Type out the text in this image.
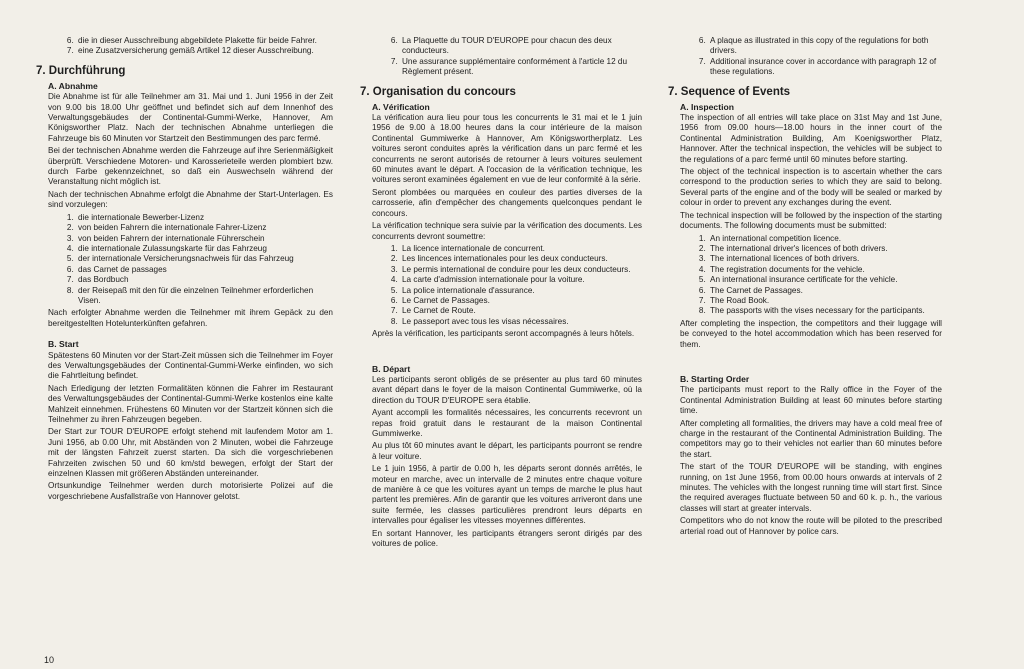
6. die in dieser Ausschreibung abgebildete Plakette für beide Fahrer.
7. eine Zusatzversicherung gemäß Artikel 12 dieser Ausschreibung.
7. Durchführung
A. Abnahme

Die Abnahme ist für alle Teilnehmer am 31. Mai und 1. Juni 1956 in der Zeit von 9.00 bis 18.00 Uhr geöffnet und befindet sich auf dem Innenhof des Verwaltungsgebäudes der Continental-Gummi-Werke, Hannover, Am Königsworther Platz. Nach der technischen Abnahme unterliegen die Fahrzeuge bis 60 Minuten vor Startzeit den Bestimmungen des parc fermé.

Bei der technischen Abnahme werden die Fahrzeuge auf ihre Serienmäßigkeit überprüft. Verschiedene Motoren- und Karosserieteile werden plombiert bzw. durch Farbe gekennzeichnet, so daß ein Auswechseln während der Veranstaltung nicht möglich ist.

Nach der technischen Abnahme erfolgt die Abnahme der Start-Unterlagen. Es sind vorzulegen:

1. die internationale Bewerber-Lizenz
2. von beiden Fahrern die internationale Fahrer-Lizenz
3. von beiden Fahrern der internationale Führerschein
4. die internationale Zulassungskarte für das Fahrzeug
5. der internationale Versicherungsnachweis für das Fahrzeug
6. das Carnet de passages
7. das Bordbuch
8. der Reisepaß mit den für die einzelnen Teilnehmer erforderlichen Visen.

Nach erfolgter Abnahme werden die Teilnehmer mit ihrem Gepäck zu den bereitgestellten Hotelunterkünften gefahren.

B. Start

Spätestens 60 Minuten vor der Start-Zeit müssen sich die Teilnehmer im Foyer des Verwaltungsgebäudes der Continental-Gummi-Werke einfinden, wo sich die Fahrtleitung befindet.

Nach Erledigung der letzten Formalitäten können die Fahrer im Restaurant des Verwaltungsgebäudes der Continental-Gummi-Werke kostenlos eine kalte Mahlzeit einnehmen. Frühestens 60 Minuten vor der Startzeit können sich die Teilnehmer zu ihren Fahrzeugen begeben.

Der Start zur TOUR D'EUROPE erfolgt stehend mit laufendem Motor am 1. Juni 1956, ab 0.00 Uhr, mit Abständen von 2 Minuten, wobei die Fahrzeuge mit der längsten Fahrzeit zuerst starten. Da sich die vorgeschriebenen Fahrzeiten zwischen 50 und 60 km/std bewegen, erfolgt der Start der einzelnen Klassen mit größeren Abständen untereinander.

Ortsunkundige Teilnehmer werden durch motorisierte Polizei auf die vorgeschriebene Ausfallstraße von Hannover gelotst.

6. La Plaquette du TOUR D'EUROPE pour chacun des deux conducteurs.
7. Une assurance supplémentaire conformément à l'article 12 du Règlement présent.
7. Organisation du concours
A. Vérification

La vérification aura lieu pour tous les concurrents le 31 mai et le 1 juin 1956 de 9.00 à 18.00 heures dans la cour intérieure de la maison Continental Gummiwerke à Hannover, Am Königswortherplatz. Les voitures seront conduites après la vérification dans un parc fermé et les concurrents ne seront autorisés de retourner à leurs voitures seulement 60 minutes avant le départ. A l'occasion de la vérification technique, les voitures seront examinées également en vue de leur conformité à la série.

Seront plombées ou marquées en couleur des parties diverses de la carrosserie, afin d'empêcher des changements quelconques pendant le concours.

La vérification technique sera suivie par la vérification des documents. Les concurrents devront soumettre:

1. La licence internationale de concurrent.
2. Les lincences internationales pour les deux conducteurs.
3. Le permis international de conduire pour les deux conducteurs.
4. La carte d'admission internationale pour la voiture.
5. La police internationale d'assurance.
6. Le Carnet de Passages.
7. Le Carnet de Route.
8. Le passeport avec tous les visas nécessaires.

Après la vérification, les participants seront accompagnés à leurs hôtels.

B. Départ

Les participants seront obligés de se présenter au plus tard 60 minutes avant départ dans le foyer de la maison Continental Gummiwerke, où la direction du TOUR D'EUROPE sera établie.

Ayant accompli les formalités nécessaires, les concurrents recevront un repas froid gratuit dans le restaurant de la maison Continental Gummiwerke.

Au plus tôt 60 minutes avant le départ, les participants pourront se rendre à leur voiture.

Le 1 juin 1956, à partir de 0.00 h, les départs seront donnés arrêtés, le moteur en marche, avec un intervalle de 2 minutes entre chaque voiture de manière à ce que les voitures ayant un temps de marche le plus haut partent les premières. Afin de garantir que les voitures arriveront dans une suite fermée, les classes particulières prendront leurs départs en intervalles pour égaliser les vitesses moyennes différentes.

En sortant Hannover, les participants étrangers seront dirigés par des voitures de police.

6. A plaque as illustrated in this copy of the regulations for both drivers.
7. Additional insurance cover in accordance with paragraph 12 of these regulations.
7. Sequence of Events
A. Inspection

The inspection of all entries will take place on 31st May and 1st June, 1956 from 09.00 hours—18.00 hours in the inner court of the Continental Administration Building, Am Koenigsworther Platz, Hannover. After the technical inspection, the vehicles will be subject to the regulations of a parc fermé until 60 minutes before starting.

The object of the technical inspection is to ascertain whether the cars correspond to the production series to which they are said to belong. Several parts of the engine and of the body will be sealed or marked by colour in order to prevent any exchanges during the event.

The technical inspection will be followed by the inspection of the starting documents. The following documents must be submitted:

1. An international competition licence.
2. The international driver's licences of both drivers.
3. The international licences of both drivers.
4. The registration documents for the vehicle.
5. An international insurance certificate for the vehicle.
6. The Carnet de Passages.
7. The Road Book.
8. The passports with the vises necessary for the participants.

After completing the inspection, the competitors and their luggage will be conveyed to the hotel accommodation which has been reserved for them.

B. Starting Order

The participants must report to the Rally office in the Foyer of the Continental Administration Building at least 60 minutes before starting time.

After completing all formalities, the drivers may have a cold meal free of charge in the restaurant of the Continental Administration Building. The competitors may go to their vehicles not earlier than 60 minutes before the start.

The start of the TOUR D'EUROPE will be standing, with engines running, on 1st June 1956, from 00.00 hours onwards at intervals of 2 minutes. The vehicles with the longest running time will start first. Since the required averages fluctuate between 50 and 60 k. p. h., the various classes will start at greater intervals.

Competitors who do not know the route will be piloted to the prescribed arterial road out of Hannover by police cars.

10
